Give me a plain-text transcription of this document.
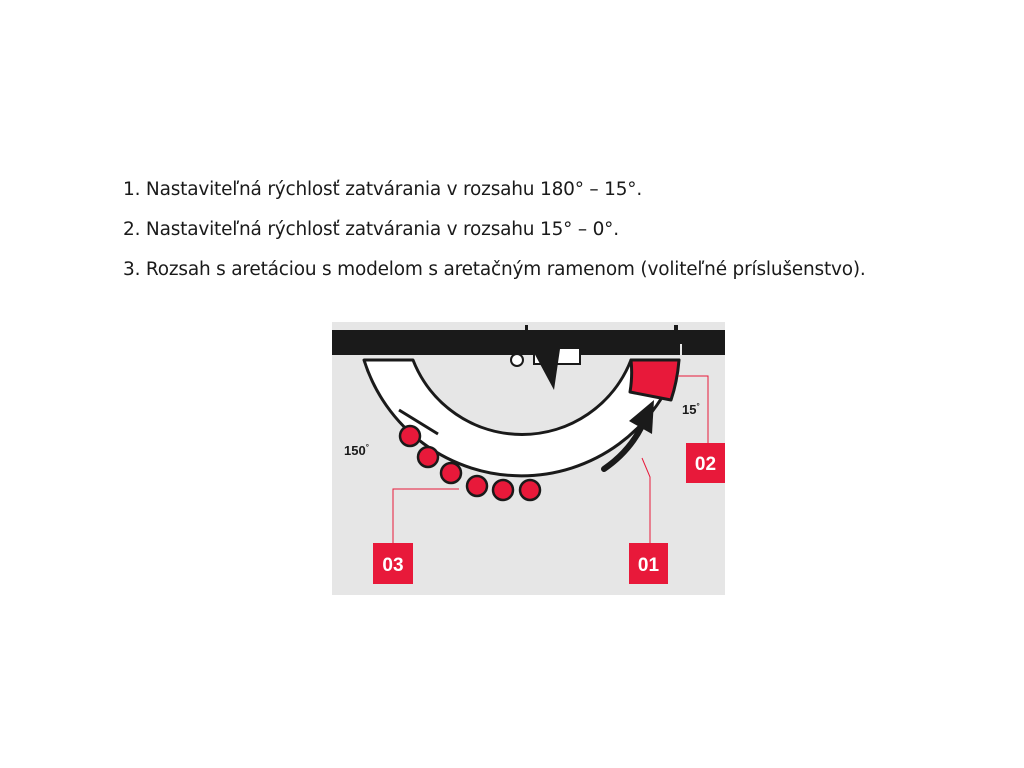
1. Nastaviteľná rýchlosť zatvárania v rozsahu 180° – 15°.
2. Nastaviteľná rýchlosť zatvárania v rozsahu 15° – 0°.
3. Rozsah s aretáciou s modelom s aretačným ramenom (voliteľné príslušenstvo).
150°
15°
02
01
03
